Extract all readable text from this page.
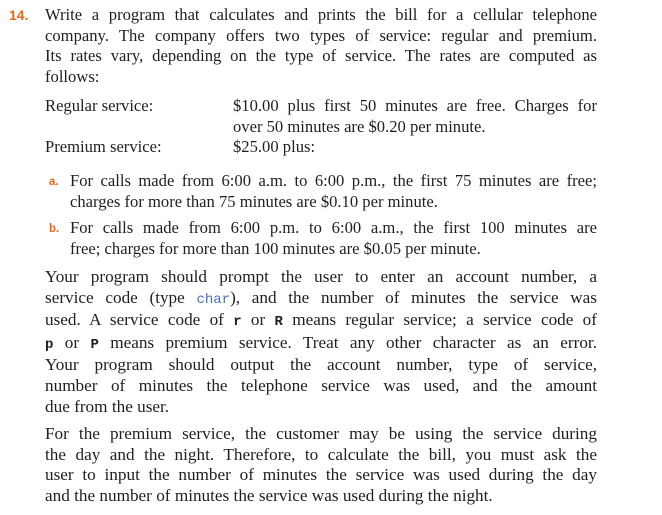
14. Write a program that calculates and prints the bill for a cellular telephone
company. The company offers two types of service: regular and premium.
Its rates vary, depending on the type of service. The rates are computed as
follows:
Regular service:	$10.00 plus first 50 minutes are free. Charges for
over 50 minutes are $0.20 per minute.
Premium service:	$25.00 plus:
a. For calls made from 6:00 a.m. to 6:00 p.m., the first 75 minutes are free;
charges for more than 75 minutes are $0.10 per minute.
b. For calls made from 6:00 p.m. to 6:00 a.m., the first 100 minutes are
free; charges for more than 100 minutes are $0.05 per minute.
Your program should prompt the user to enter an account number, a
service code (type char), and the number of minutes the service was
used. A service code of r or R means regular service; a service code of
p or P means premium service. Treat any other character as an error.
Your program should output the account number, type of service,
number of minutes the telephone service was used, and the amount
due from the user.
For the premium service, the customer may be using the service during
the day and the night. Therefore, to calculate the bill, you must ask the
user to input the number of minutes the service was used during the day
and the number of minutes the service was used during the night.
